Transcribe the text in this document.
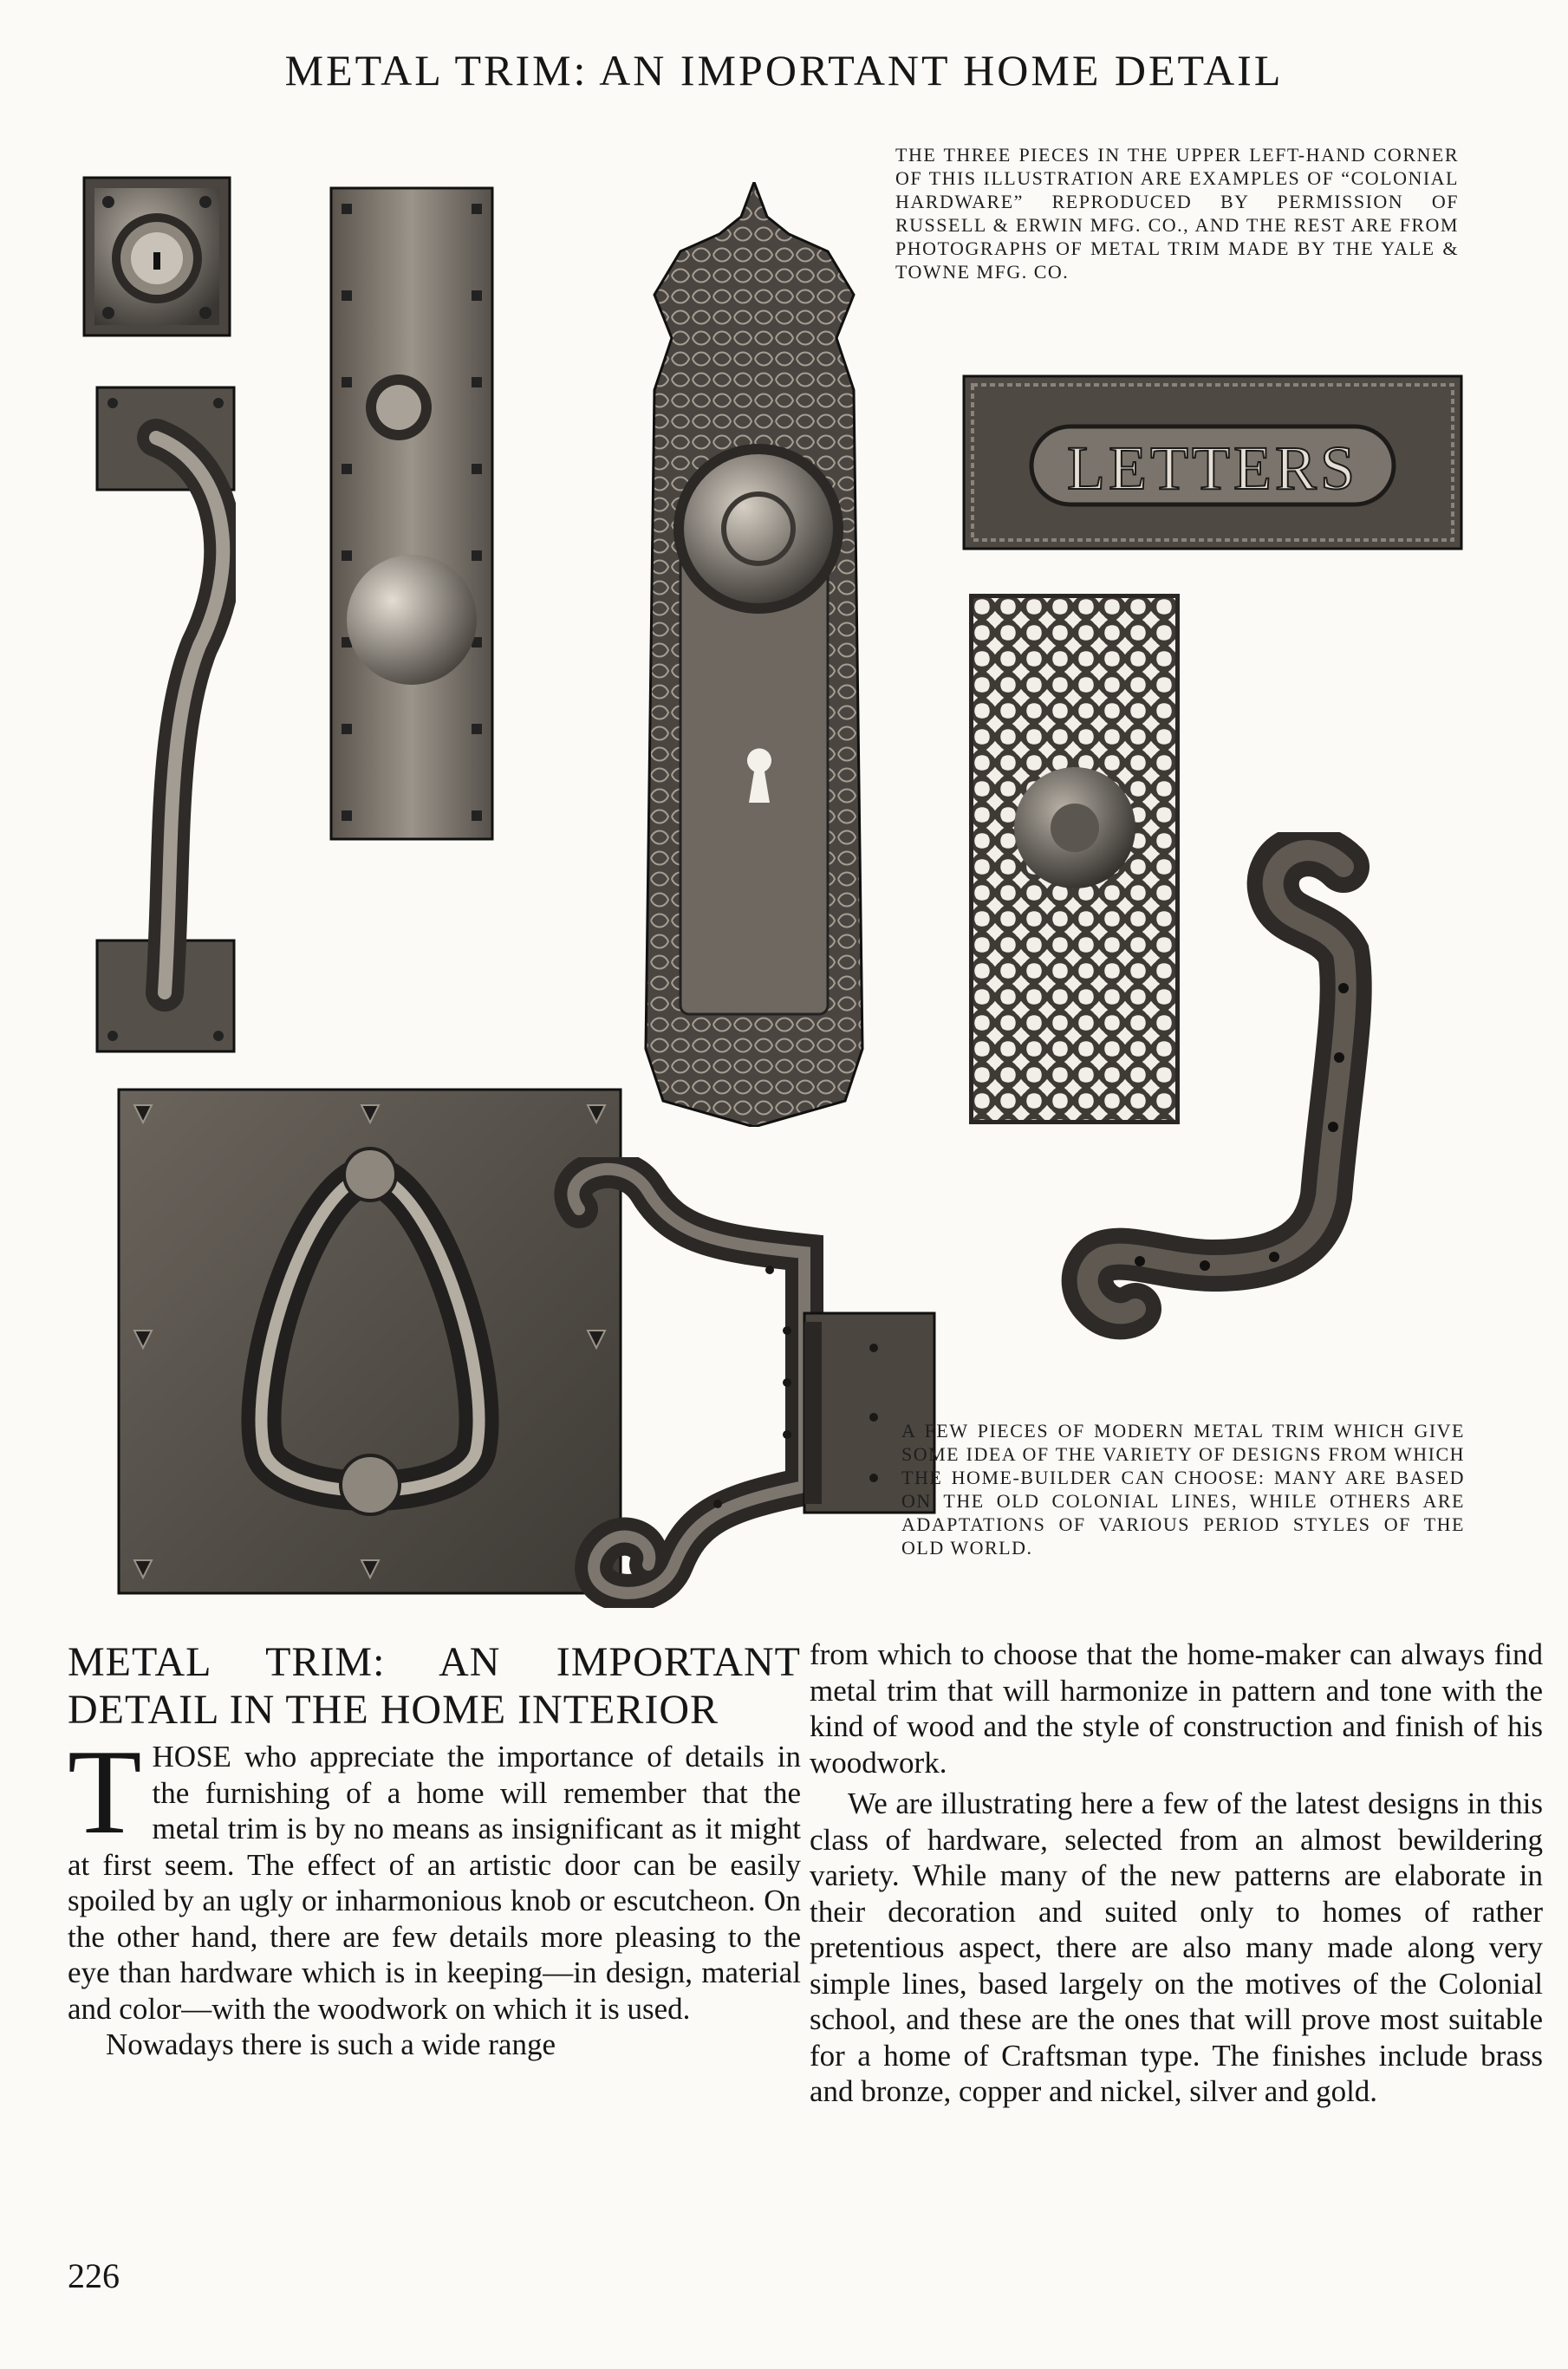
METAL TRIM: AN IMPORTANT HOME DETAIL
LETTERS
THE THREE PIECES IN THE UPPER LEFT-HAND CORNER OF THIS ILLUSTRATION ARE EXAMPLES OF “COLONIAL HARDWARE” REPRODUCED BY PERMISSION OF RUSSELL & ERWIN MFG. CO., AND THE REST ARE FROM PHOTOGRAPHS OF METAL TRIM MADE BY THE YALE & TOWNE MFG. CO.
A FEW PIECES OF MODERN METAL TRIM WHICH GIVE SOME IDEA OF THE VARIETY OF DESIGNS FROM WHICH THE HOME-BUILDER CAN CHOOSE: MANY ARE BASED ON THE OLD COLONIAL LINES, WHILE OTHERS ARE ADAPTATIONS OF VARIOUS PERIOD STYLES OF THE OLD WORLD.
METAL TRIM: AN IMPORTANT DETAIL IN THE HOME INTERIOR

THOSE who appreciate the importance of details in the furnishing of a home will remember that the metal trim is by no means as insignificant as it might at first seem. The effect of an artistic door can be easily spoiled by an ugly or inharmonious knob or escutcheon. On the other hand, there are few details more pleasing to the eye than hardware which is in keeping—in design, material and color—with the woodwork on which it is used.

Nowadays there is such a wide range

from which to choose that the home-maker can always find metal trim that will harmonize in pattern and tone with the kind of wood and the style of construction and finish of his woodwork.

We are illustrating here a few of the latest designs in this class of hardware, selected from an almost bewildering variety. While many of the new patterns are elaborate in their decoration and suited only to homes of rather pretentious aspect, there are also many made along very simple lines, based largely on the motives of the Colonial school, and these are the ones that will prove most suitable for a home of Craftsman type. The finishes include brass and bronze, copper and nickel, silver and gold.

226
